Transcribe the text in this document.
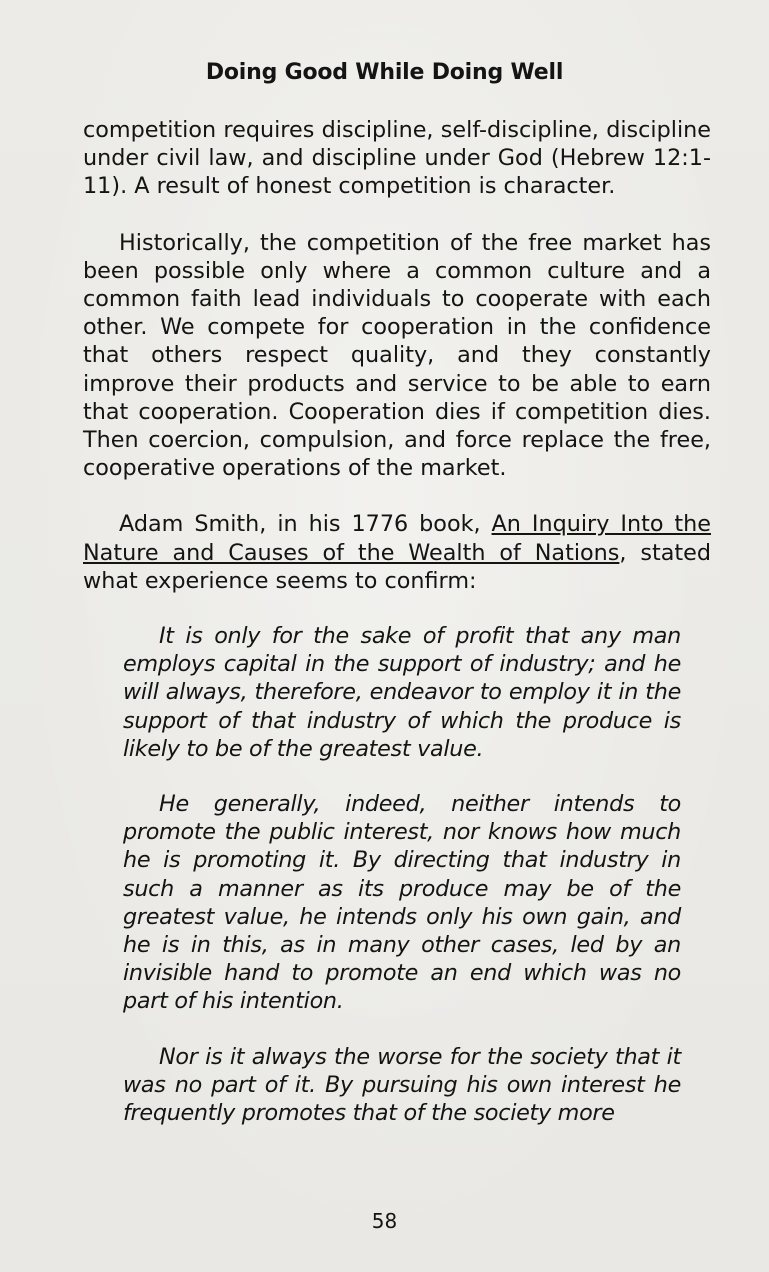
Doing Good While Doing Well

competition requires discipline, self-discipline, discipline under civil law, and discipline under God (Hebrew 12:1-11). A result of honest competition is character.

Historically, the competition of the free market has been possible only where a common culture and a common faith lead individuals to cooperate with each other. We compete for cooperation in the confidence that others respect quality, and they constantly improve their products and service to be able to earn that cooperation. Cooperation dies if competition dies. Then coercion, compulsion, and force replace the free, cooperative operations of the market.

Adam Smith, in his 1776 book, An Inquiry Into the Nature and Causes of the Wealth of Nations, stated what experience seems to confirm:

It is only for the sake of profit that any man employs capital in the support of industry; and he will always, therefore, endeavor to employ it in the support of that industry of which the produce is likely to be of the greatest value.

He generally, indeed, neither intends to promote the public interest, nor knows how much he is promoting it. By directing that industry in such a manner as its produce may be of the greatest value, he intends only his own gain, and he is in this, as in many other cases, led by an invisible hand to promote an end which was no part of his intention.

Nor is it always the worse for the society that it was no part of it. By pursuing his own interest he frequently promotes that of the society more

58
